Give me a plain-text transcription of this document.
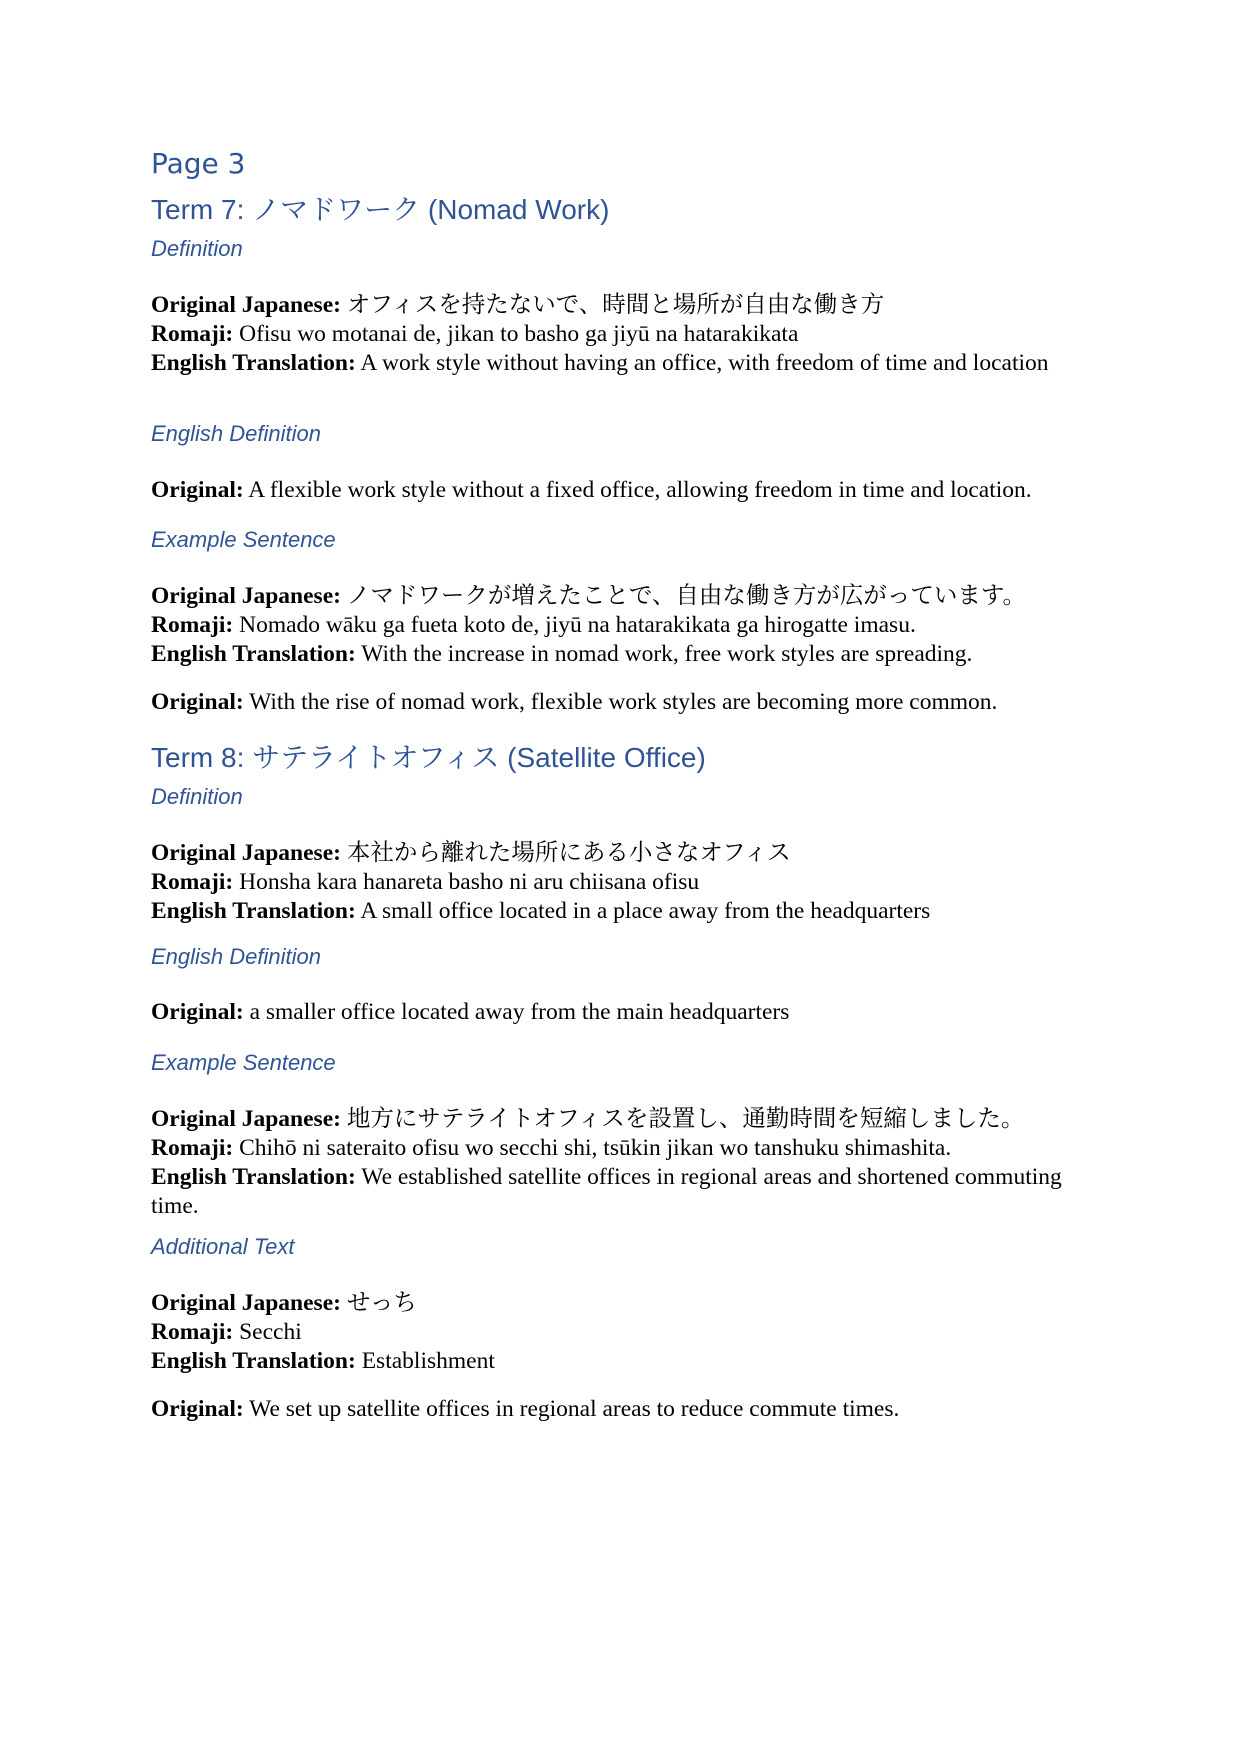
Page 3
Term 7: ノマドワーク (Nomad Work)
Definition
Original Japanese: オフィスを持たないで、時間と場所が自由な働き方
Romaji: Ofisu wo motanai de, jikan to basho ga jiyū na hatarakikata
English Translation: A work style without having an office, with freedom of time and location
English Definition
Original: A flexible work style without a fixed office, allowing freedom in time and location.
Example Sentence
Original Japanese: ノマドワークが増えたことで、自由な働き方が広がっています。
Romaji: Nomado wāku ga fueta koto de, jiyū na hatarakikata ga hirogatte imasu.
English Translation: With the increase in nomad work, free work styles are spreading.
Original: With the rise of nomad work, flexible work styles are becoming more common.
Term 8: サテライトオフィス (Satellite Office)
Definition
Original Japanese: 本社から離れた場所にある小さなオフィス
Romaji: Honsha kara hanareta basho ni aru chiisana ofisu
English Translation: A small office located in a place away from the headquarters
English Definition
Original: a smaller office located away from the main headquarters
Example Sentence
Original Japanese: 地方にサテライトオフィスを設置し、通勤時間を短縮しました。
Romaji: Chihō ni sateraito ofisu wo secchi shi, tsūkin jikan wo tanshuku shimashita.
English Translation: We established satellite offices in regional areas and shortened commuting time.
Additional Text
Original Japanese: せっち
Romaji: Secchi
English Translation: Establishment
Original: We set up satellite offices in regional areas to reduce commute times.
